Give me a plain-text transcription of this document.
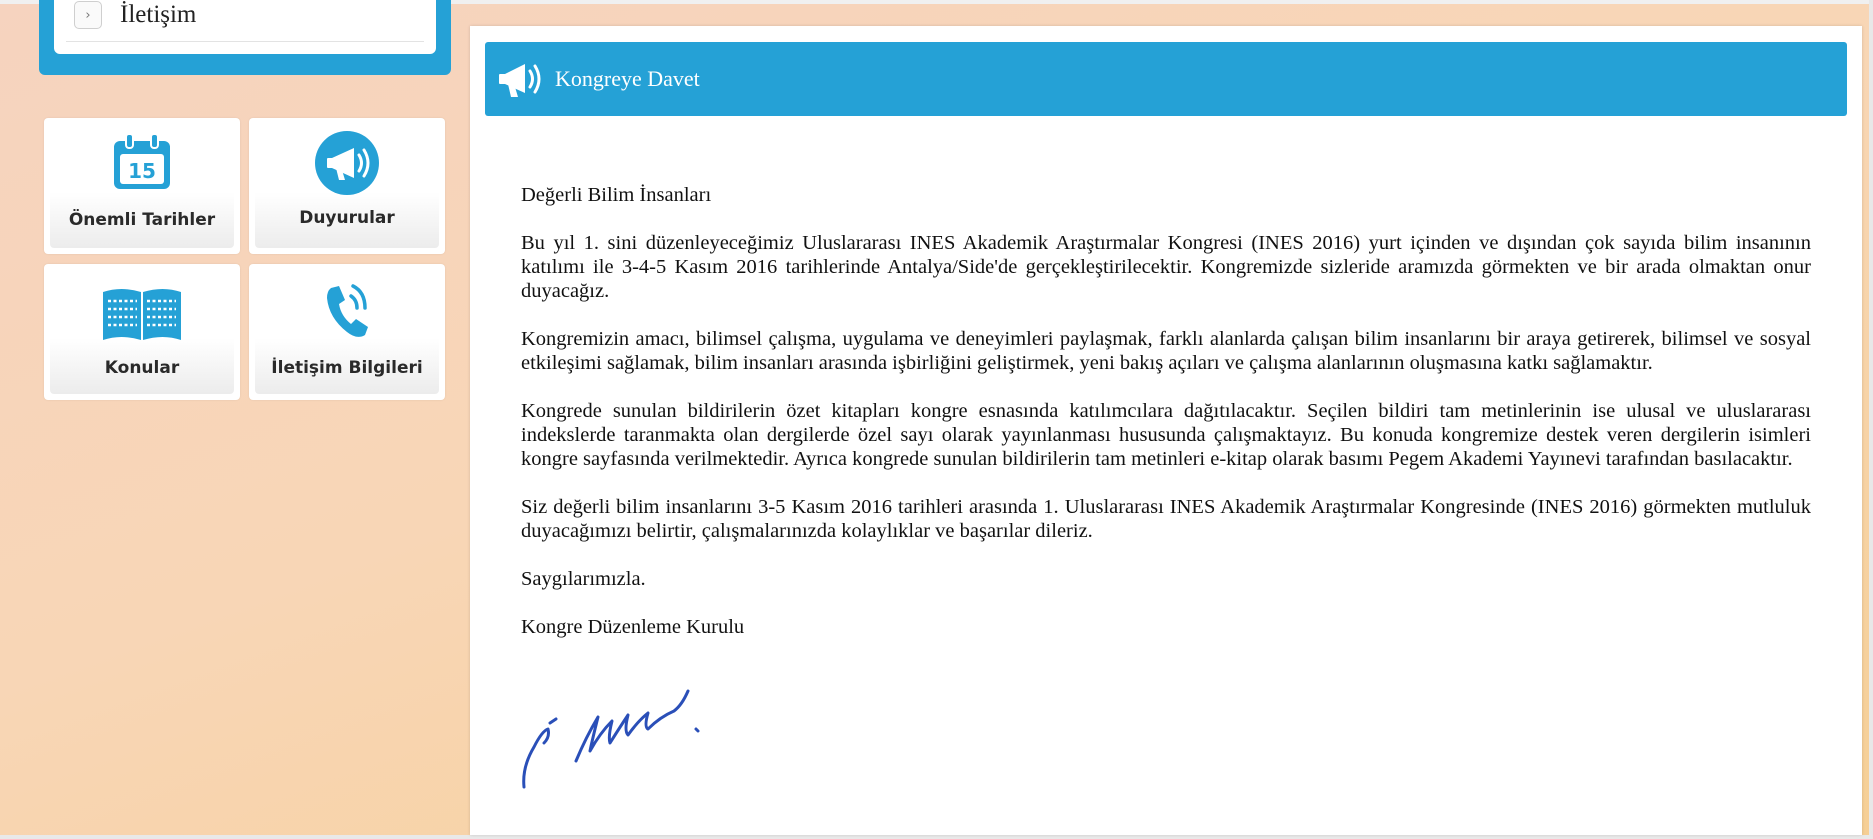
›	İletişim
15
Önemli Tarihler	Duyurular
Konular	İletişim Bilgileri
Kongreye Davet

Değerli Bilim İnsanları

Bu yıl 1. sini düzenleyeceğimiz Uluslararası INES Akademik Araştırmalar Kongresi (INES 2016) yurt içinden ve dışından çok sayıda bilim insanının katılımı ile 3-4-5 Kasım 2016 tarihlerinde Antalya/Side'de gerçekleştirilecektir. Kongremizde sizleride aramızda görmekten ve bir arada olmaktan onur duyacağız.

Kongremizin amacı, bilimsel çalışma, uygulama ve deneyimleri paylaşmak, farklı alanlarda çalışan bilim insanlarını bir araya getirerek, bilimsel ve sosyal etkileşimi sağlamak, bilim insanları arasında işbirliğini geliştirmek, yeni bakış açıları ve çalışma alanlarının oluşmasına katkı sağlamaktır.

Kongrede sunulan bildirilerin özet kitapları kongre esnasında katılımcılara dağıtılacaktır. Seçilen bildiri tam metinlerinin ise ulusal ve uluslararası indekslerde taranmakta olan dergilerde özel sayı olarak yayınlanması hususunda çalışmaktayız. Bu konuda kongremize destek veren dergilerin isimleri kongre sayfasında verilmektedir. Ayrıca kongrede sunulan bildirilerin tam metinleri e-kitap olarak basımı Pegem Akademi Yayınevi tarafından basılacaktır.

Siz değerli bilim insanlarını 3-5 Kasım 2016 tarihleri arasında 1. Uluslararası INES Akademik Araştırmalar Kongresinde (INES 2016) görmekten mutluluk duyacağımızı belirtir, çalışmalarınızda kolaylıklar ve başarılar dileriz.

Saygılarımızla.

Kongre Düzenleme Kurulu
